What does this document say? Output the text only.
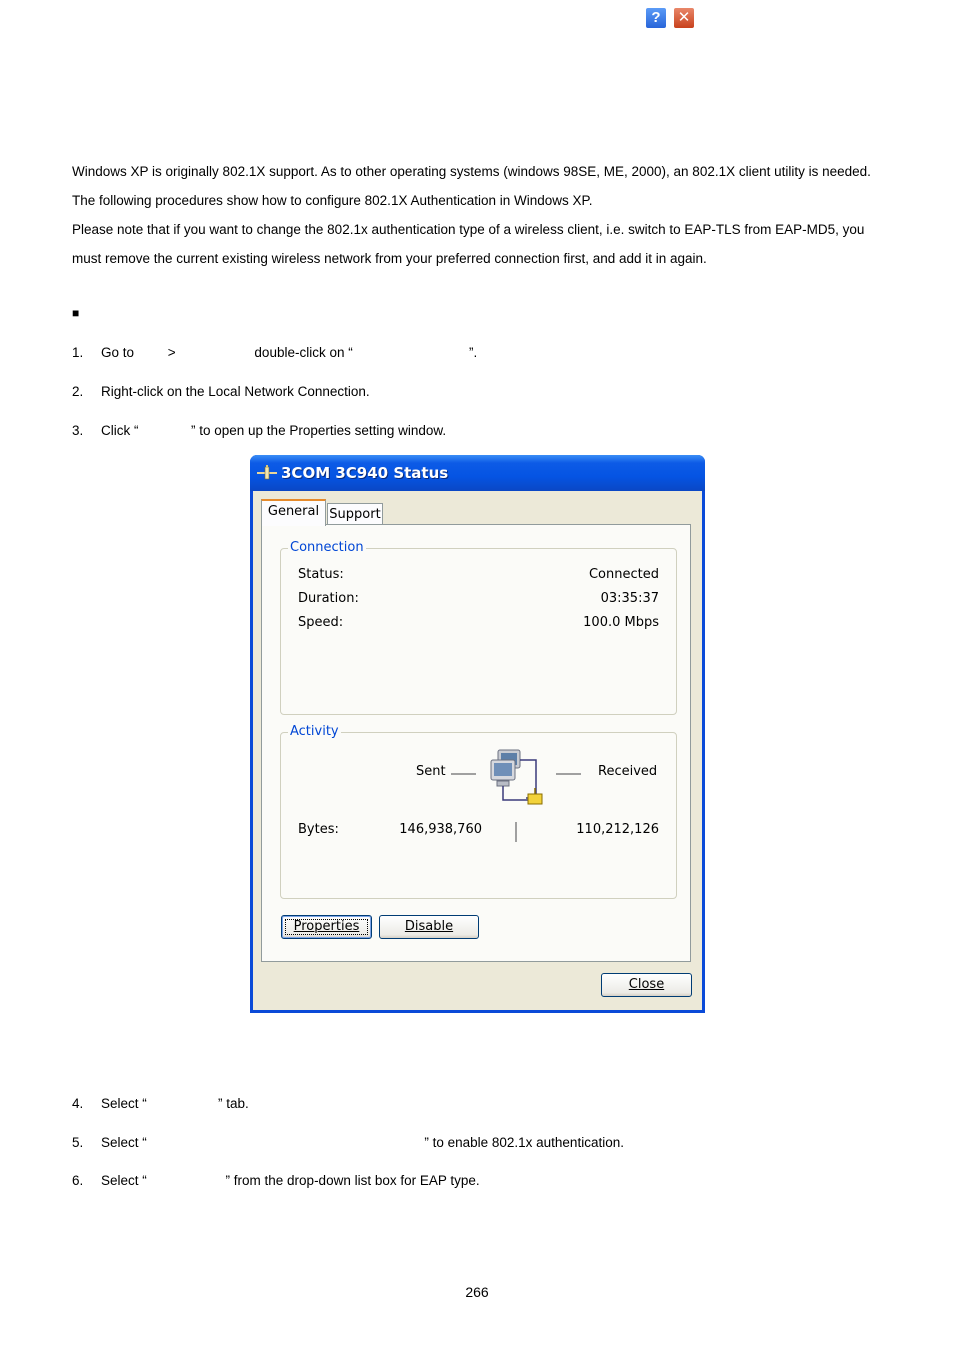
Windows XP is originally 802.1X support. As to other operating systems (windows 98SE, ME, 2000), an 802.1X client utility is needed. The following procedures show how to configure 802.1X Authentication in Windows XP.

Please note that if you want to change the 802.1x authentication type of a wireless client, i.e. switch to EAP-TLS from EAP-MD5, you must remove the current existing wireless network from your preferred connection first, and add it in again.

■
1. Go to         >                     double-click on “                               ”.
2. Right-click on the Local Network Connection.
3. Click “              ” to open up the Properties setting window.
3COM 3C940 Status
?	✕
General Support
Connection
Status:	Connected
Duration:	03:35:37
Speed:	100.0 Mbps
Activity
Sent	Received
Bytes:	146,938,760	110,212,126
Properties	Disable
Close
4. Select “                   ” tab.
5. Select “                                                                          ” to enable 802.1x authentication.
6. Select “                     ” from the drop-down list box for EAP type.
266
